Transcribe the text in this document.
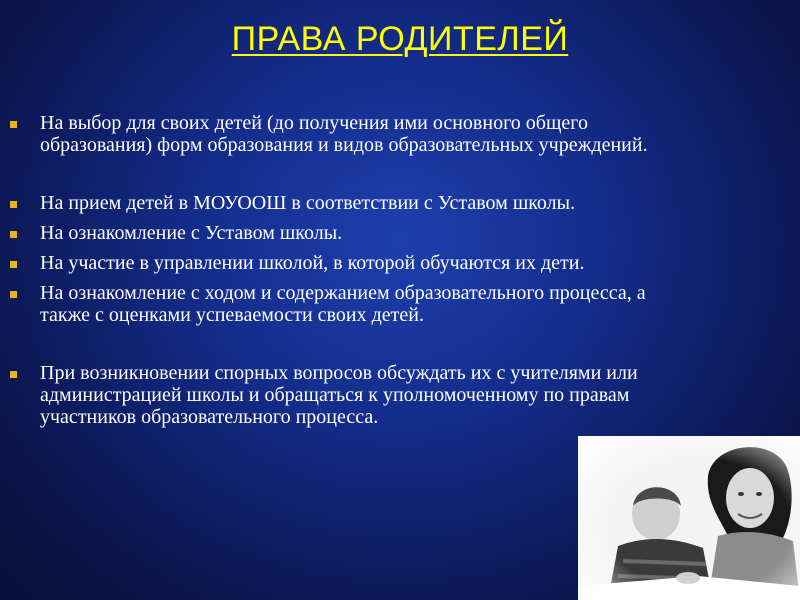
ПРАВА РОДИТЕЛЕЙ
На выбор для своих детей (до получения ими основного общего образования) форм образования и видов образовательных учреждений.
На прием детей в МОУООШ в соответствии с Уставом школы.
На ознакомление с Уставом школы.
На участие в управлении школой, в которой обучаются их дети.
На ознакомление с ходом и содержанием образовательного процесса, а также с оценками успеваемости своих детей.
При возникновении спорных вопросов обсуждать их с учителями или администрацией школы и обращаться к уполномоченному по правам участников образовательного процесса.
